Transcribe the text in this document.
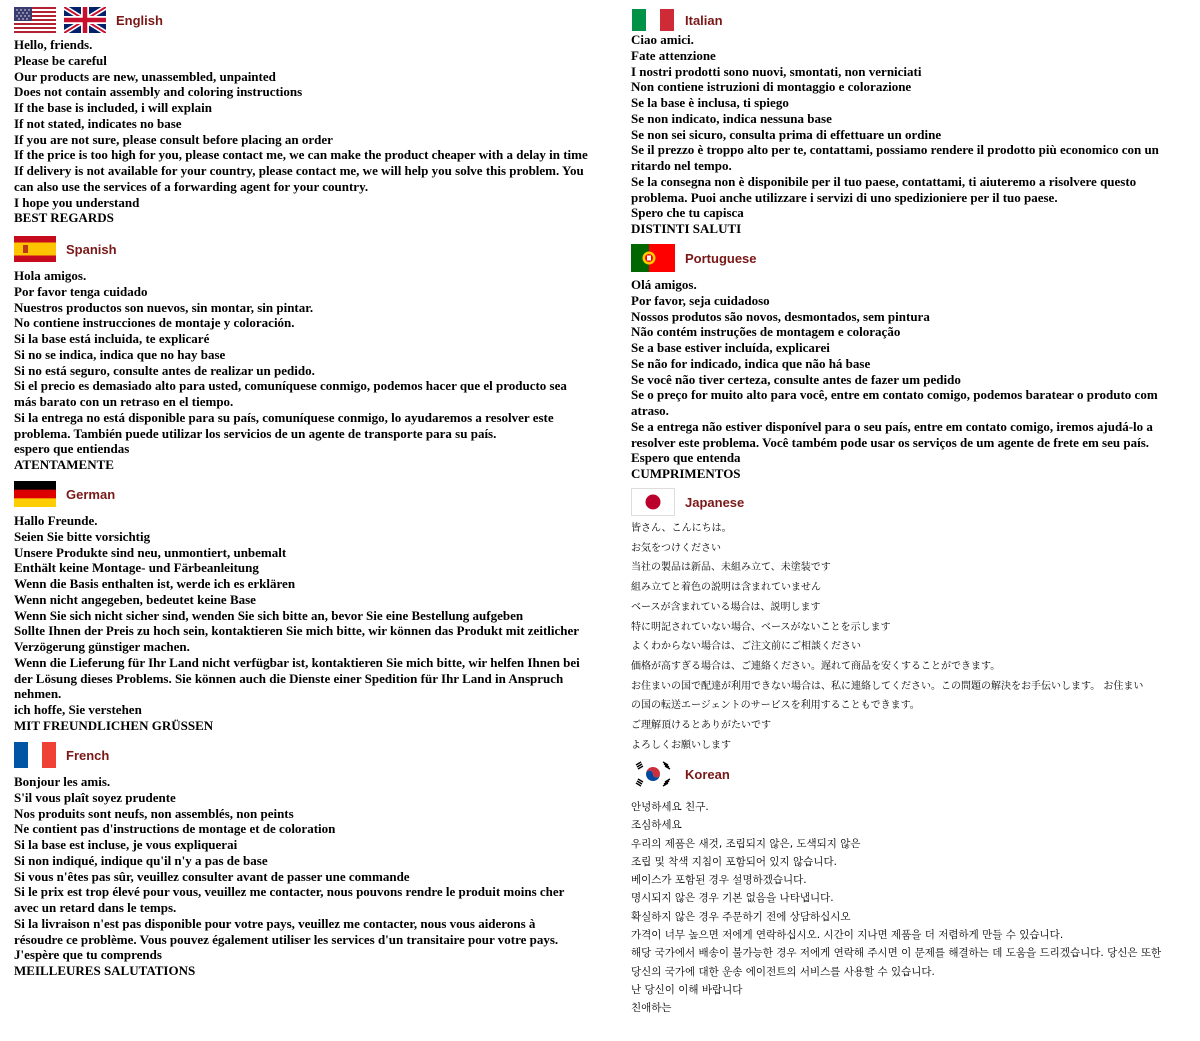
English

Hello, friends.
Please be careful
Our products are new, unassembled, unpainted
Does not contain assembly and coloring instructions
If the base is included, i will explain
If not stated, indicates no base
If you are not sure, please consult before placing an order
If the price is too high for you, please contact me, we can make the product cheaper with a delay in time
If delivery is not available for your country, please contact me, we will help you solve this problem. You
can also use the services of a forwarding agent for your country.
I hope you understand
BEST REGARDS

Spanish

Hola amigos.
Por favor tenga cuidado
Nuestros productos son nuevos, sin montar, sin pintar.
No contiene instrucciones de montaje y coloración.
Si la base está incluida, te explicaré
Si no se indica, indica que no hay base
Si no está seguro, consulte antes de realizar un pedido.
Si el precio es demasiado alto para usted, comuníquese conmigo, podemos hacer que el producto sea
más barato con un retraso en el tiempo.
Si la entrega no está disponible para su país, comuníquese conmigo, lo ayudaremos a resolver este
problema. También puede utilizar los servicios de un agente de transporte para su país.
espero que entiendas
ATENTAMENTE

German

Hallo Freunde.
Seien Sie bitte vorsichtig
Unsere Produkte sind neu, unmontiert, unbemalt
Enthält keine Montage- und Färbeanleitung
Wenn die Basis enthalten ist, werde ich es erklären
Wenn nicht angegeben, bedeutet keine Base
Wenn Sie sich nicht sicher sind, wenden Sie sich bitte an, bevor Sie eine Bestellung aufgeben
Sollte Ihnen der Preis zu hoch sein, kontaktieren Sie mich bitte, wir können das Produkt mit zeitlicher
Verzögerung günstiger machen.
Wenn die Lieferung für Ihr Land nicht verfügbar ist, kontaktieren Sie mich bitte, wir helfen Ihnen bei
der Lösung dieses Problems. Sie können auch die Dienste einer Spedition für Ihr Land in Anspruch
nehmen.
ich hoffe, Sie verstehen
MIT FREUNDLICHEN GRÜSSEN

French

Bonjour les amis.
S'il vous plaît soyez prudente
Nos produits sont neufs, non assemblés, non peints
Ne contient pas d'instructions de montage et de coloration
Si la base est incluse, je vous expliquerai
Si non indiqué, indique qu'il n'y a pas de base
Si vous n'êtes pas sûr, veuillez consulter avant de passer une commande
Si le prix est trop élevé pour vous, veuillez me contacter, nous pouvons rendre le produit moins cher
avec un retard dans le temps.
Si la livraison n'est pas disponible pour votre pays, veuillez me contacter, nous vous aiderons à
résoudre ce problème. Vous pouvez également utiliser les services d'un transitaire pour votre pays.
J'espère que tu comprends
MEILLEURES SALUTATIONS

Italian

Ciao amici.
Fate attenzione
I nostri prodotti sono nuovi, smontati, non verniciati
Non contiene istruzioni di montaggio e colorazione
Se la base è inclusa, ti spiego
Se non indicato, indica nessuna base
Se non sei sicuro, consulta prima di effettuare un ordine
Se il prezzo è troppo alto per te, contattami, possiamo rendere il prodotto più economico con un
ritardo nel tempo.
Se la consegna non è disponibile per il tuo paese, contattami, ti aiuteremo a risolvere questo
problema. Puoi anche utilizzare i servizi di uno spedizioniere per il tuo paese.
Spero che tu capisca
DISTINTI SALUTI

Portuguese

Olá amigos.
Por favor, seja cuidadoso
Nossos produtos são novos, desmontados, sem pintura
Não contém instruções de montagem e coloração
Se a base estiver incluída, explicarei
Se não for indicado, indica que não há base
Se você não tiver certeza, consulte antes de fazer um pedido
Se o preço for muito alto para você, entre em contato comigo, podemos baratear o produto com
atraso.
Se a entrega não estiver disponível para o seu país, entre em contato comigo, iremos ajudá-lo a
resolver este problema. Você também pode usar os serviços de um agente de frete em seu país.
Espero que entenda
CUMPRIMENTOS

Japanese

皆さん、こんにちは。
お気をつけください
当社の製品は新品、未組み立て、未塗装です
組み立てと着色の説明は含まれていません
ベースが含まれている場合は、説明します
特に明記されていない場合、ベースがないことを示します
よくわからない場合は、ご注文前にご相談ください
価格が高すぎる場合は、ご連絡ください。遅れて商品を安くすることができます。
お住まいの国で配達が利用できない場合は、私に連絡してください。この問題の解決をお手伝いします。 お住まい
の国の転送エージェントのサービスを利用することもできます。
ご理解頂けるとありがたいです
よろしくお願いします

Korean

안녕하세요 친구.
조심하세요
우리의 제품은 새것, 조립되지 않은, 도색되지 않은
조립 및 착색 지침이 포함되어 있지 않습니다.
베이스가 포함된 경우 설명하겠습니다.
명시되지 않은 경우 기본 없음을 나타냅니다.
확실하지 않은 경우 주문하기 전에 상담하십시오
가격이 너무 높으면 저에게 연락하십시오. 시간이 지나면 제품을 더 저렴하게 만들 수 있습니다.
해당 국가에서 배송이 불가능한 경우 저에게 연락해 주시면 이 문제를 해결하는 데 도움을 드리겠습니다. 당신은 또한
당신의 국가에 대한 운송 에이전트의 서비스를 사용할 수 있습니다.
난 당신이 이해 바랍니다
친애하는
